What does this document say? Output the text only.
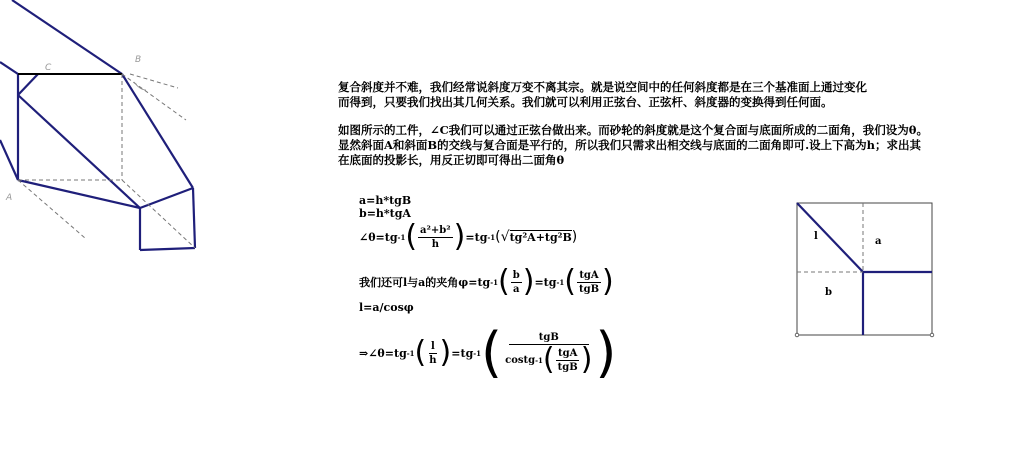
C
B
A
复合斜度并不难，我们经常说斜度万变不离其宗。就是说空间中的任何斜度都是在三个基准面上通过变化
而得到，只要我们找出其几何关系。我们就可以利用正弦台、正弦杆、斜度器的变换得到任何面。
如图所示的工件，∠C我们可以通过正弦台做出来。而砂轮的斜度就是这个复合面与底面所成的二面角，我们设为θ。
显然斜面A和斜面B的交线与复合面是平行的，所以我们只需求出相交线与底面的二面角即可.设上下高为h；求出其
在底面的投影长，用反正切即可得出二面角θ
a=h*tgB
b=h*tgA
∠θ=tg -1 ( $\frac{\text{a²+b²}}{h}$ ) =tg -1 ( √ tg²A+tg²B )
我们还可l与a的夹角φ=tg -1 ( $\frac{b}{a}$ ) =tg -1 ( $\frac{\text{tgA}}{\text{tgB}}$ )
l=a/cosφ
⇒∠θ=tg -1 ( $\frac{l}{h}$ ) =tg -1 (	tgB
costg -1 ( $\frac{\text{tgA}}{\text{tgB}}$ ) )
l	a
b
